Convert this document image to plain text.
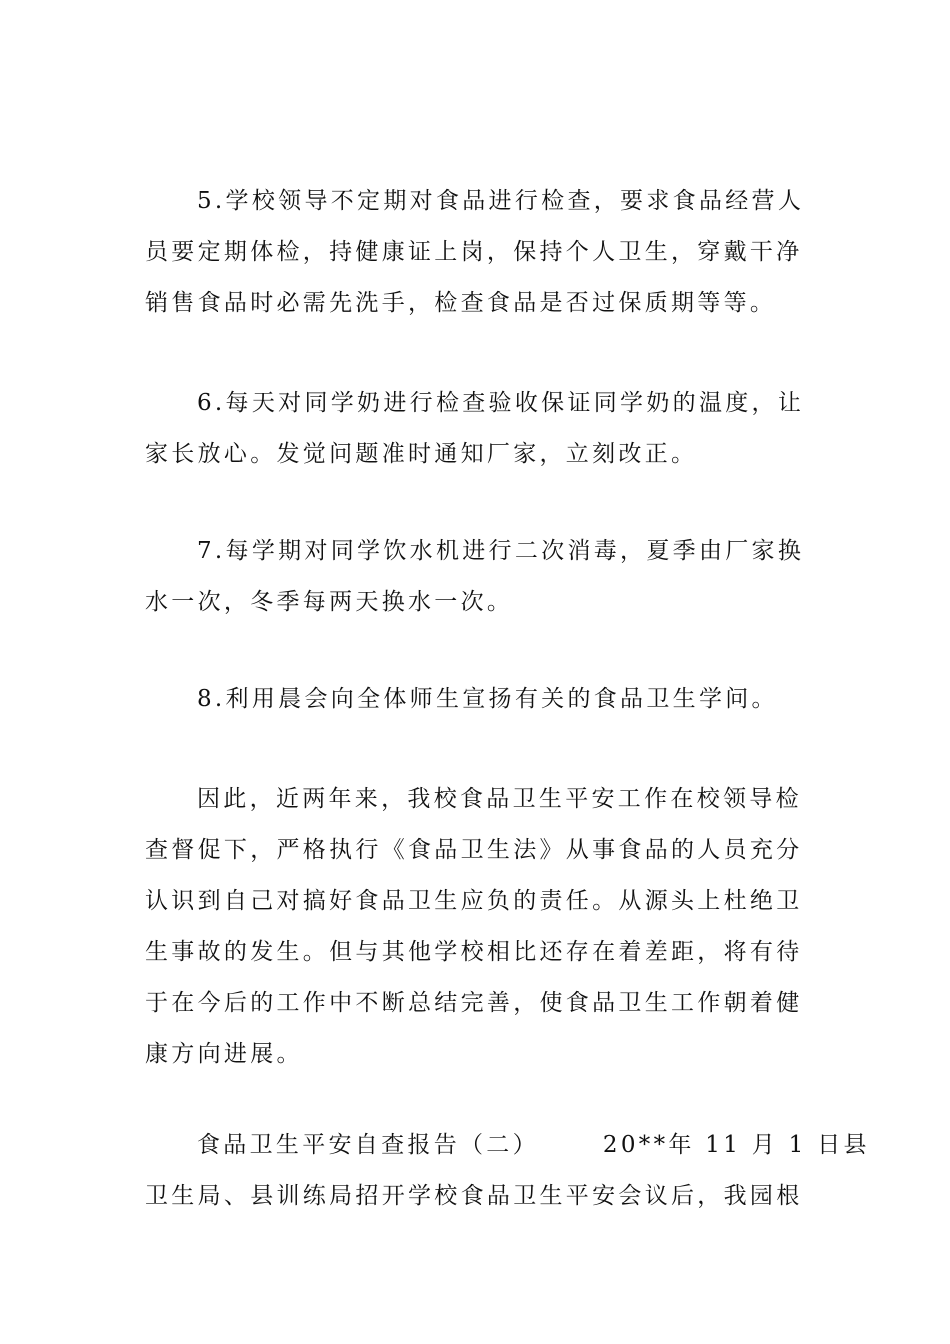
5.学校领导不定期对食品进行检查，要求食品经营人
员要定期体检，持健康证上岗，保持个人卫生，穿戴干净
销售食品时必需先洗手，检查食品是否过保质期等等。
6.每天对同学奶进行检查验收保证同学奶的温度，让
家长放心。发觉问题准时通知厂家，立刻改正。
7.每学期对同学饮水机进行二次消毒，夏季由厂家换
水一次，冬季每两天换水一次。
8.利用晨会向全体师生宣扬有关的食品卫生学问。
因此，近两年来，我校食品卫生平安工作在校领导检
查督促下，严格执行《食品卫生法》从事食品的人员充分
认识到自己对搞好食品卫生应负的责任。从源头上杜绝卫
生事故的发生。但与其他学校相比还存在着差距，将有待
于在今后的工作中不断总结完善，使食品卫生工作朝着健
康方向进展。
食品卫生平安自查报告（二）	20**年 11 月 1 日县
卫生局、县训练局招开学校食品卫生平安会议后，我园根
